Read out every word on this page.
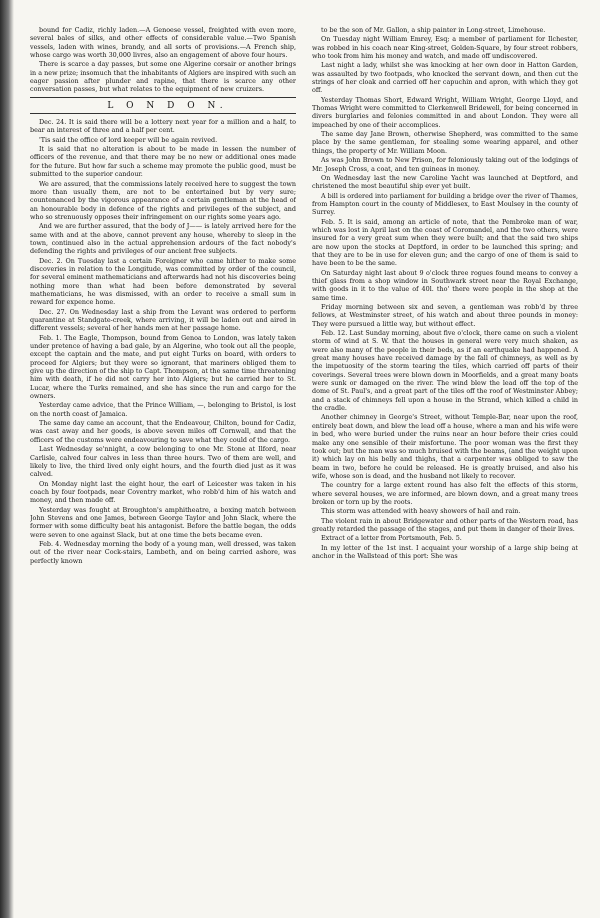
bound for Cadiz, richly laden.—A Genoese vessel, freighted with even more, several bales of silks, and other effects of considerable value.—Two Spanish vessels, laden with wines, brandy, and all sorts of provisions.—A French ship, whose cargo was worth 30,000 livres, also an engagement of above four hours.

There is scarce a day passes, but some one Algerine corsair or another brings in a new prize; insomuch that the inhabitants of Algiers are inspired with such an eager passion after plunder and rapine, that there is scarce any other conversation passes, but what relates to the equipment of new cruizers.

L O N D O N.

Dec. 24. It is said there will be a lottery next year for a million and a half, to bear an interest of three and a half per cent.

'Tis said the office of lord keeper will be again revived.

It is said that no alteration is about to be made in lessen the number of officers of the revenue, and that there may be no new or additional ones made for the future. But how far such a scheme may promote the public good, must be submitted to the superior candour.

We are assured, that the commissions lately received here to suggest the town more than usually them, are not to be entertained but by very sure; countenanced by the vigorous appearance of a certain gentleman at the head of an honourable body in defence of the rights and privileges of the subject, and who so strenuously opposes their infringement on our rights some years ago.

And we are further assured, that the body of J—— is lately arrived here for the same with and at the above, cannot prevent any house, whereby to sleep in the town, continued also in the actual apprehension ardours of the fact nobody's defending the rights and privileges of our ancient free subjects.

Dec. 2. On Tuesday last a certain Foreigner who came hither to make some discoveries in relation to the Longitude, was committed by order of the council, for several eminent mathematicians and afterwards had not his discoveries being nothing more than what had been before demonstrated by several mathematicians, he was dismissed, with an order to receive a small sum in reward for expence home.

Dec. 27. On Wednesday last a ship from the Levant was ordered to perform quarantine at Standgate-creek, where arriving, it will be laden out and aired in different vessels; several of her hands men at her passage home.

Feb. 1. The Eagle, Thompson, bound from Genoa to London, was lately taken under pretence of having a bad gale, by an Algerine, who took out all the people, except the captain and the mate, and put eight Turks on board, with orders to proceed for Algiers; but they were so ignorant, that mariners obliged them to give up the direction of the ship to Capt. Thompson, at the same time threatening him with death, if he did not carry her into Algiers; but he carried her to St. Lucar, where the Turks remained, and she has since the run and cargo for the owners.

Yesterday came advice, that the Prince William, —, belonging to Bristol, is lost on the north coast of Jamaica.

The same day came an account, that the Endeavour, Chilton, bound for Cadiz, was cast away and her goods, is above seven miles off Cornwall, and that the officers of the customs were endeavouring to save what they could of the cargo.

Last Wednesday se'nnight, a cow belonging to one Mr. Stone at Ilford, near Carlisle, calved four calves in less than three hours. Two of them are well, and likely to live, the third lived only eight hours, and the fourth died just as it was calved.

On Monday night last the eight hour, the earl of Leicester was taken in his coach by four footpads, near Coventry market, who robb'd him of his watch and money, and then made off.

Yesterday was fought at Broughton's amphitheatre, a boxing match between John Stevens and one James, between George Taylor and John Slack, where the former with some difficulty beat his antagonist. Before the battle began, the odds were seven to one against Slack, but at one time the bets became even.

Feb. 4. Wednesday morning the body of a young man, well dressed, was taken out of the river near Cock-stairs, Lambeth, and on being carried ashore, was perfectly known

to be the son of Mr. Gallon, a ship painter in Long-street, Limehouse.

On Tuesday night William Emrey, Esq; a member of parliament for Ilchester, was robbed in his coach near King-street, Golden-Square, by four street robbers, who took from him his money and watch, and made off undiscovered.

Last night a lady, whilst she was knocking at her own door in Hatton Garden, was assaulted by two footpads, who knocked the servant down, and then cut the strings of her cloak and carried off her capuchin and apron, with which they got off.

Yesterday Thomas Short, Edward Wright, William Wright, George Lloyd, and Thomas Wright were committed to Clerkenwell Bridewell, for being concerned in divers burglaries and felonies committed in and about London. They were all impeached by one of their accomplices.

The same day Jane Brown, otherwise Shepherd, was committed to the same place by the same gentleman, for stealing some wearing apparel, and other things, the property of Mr. William Moon.

As was John Brown to New Prison, for feloniously taking out of the lodgings of Mr. Joseph Cross, a coat, and ten guineas in money.

On Wednesday last the new Caroline Yacht was launched at Deptford, and christened the most beautiful ship ever yet built.

A bill is ordered into parliament for building a bridge over the river of Thames, from Hampton court in the county of Middlesex, to East Moulsey in the county of Surrey.

Feb. 5. It is said, among an article of note, that the Pembroke man of war, which was lost in April last on the coast of Coromandel, and the two others, were insured for a very great sum when they were built; and that the said two ships are now upon the stocks at Deptford, in order to be launched this spring; and that they are to be in use for eleven gun; and the cargo of one of them is said to have been to be the same.

On Saturday night last about 9 o'clock three rogues found means to convey a thief glass from a shop window in Southwark street near the Royal Exchange, with goods in it to the value of 40l. tho' there were people in the shop at the same time.

Friday morning between six and seven, a gentleman was robb'd by three fellows, at Westminster street, of his watch and about three pounds in money: They were pursued a little way, but without effect.

Feb. 12. Last Sunday morning, about five o'clock, there came on such a violent storm of wind at S. W. that the houses in general were very much shaken, as were also many of the people in their beds, as if an earthquake had happened. A great many houses have received damage by the fall of chimneys, as well as by the impetuosity of the storm tearing the tiles, which carried off parts of their coverings. Several trees were blown down in Moorfields, and a great many boats were sunk or damaged on the river. The wind blew the lead off the top of the dome of St. Paul's, and a great part of the tiles off the roof of Westminster Abbey; and a stack of chimneys fell upon a house in the Strand, which killed a child in the cradle.

Another chimney in George's Street, without Temple-Bar, near upon the roof, entirely beat down, and blew the lead off a house, where a man and his wife were in bed, who were buried under the ruins near an hour before their cries could make any one sensible of their misfortune. The poor woman was the first they took out; but the man was so much bruised with the beams, (and the weight upon it) which lay on his belly and thighs, that a carpenter was obliged to saw the beam in two, before he could be released. He is greatly bruised, and also his wife, whose son is dead, and the husband not likely to recover.

The country for a large extent round has also felt the effects of this storm, where several houses, we are informed, are blown down, and a great many trees broken or torn up by the roots.

This storm was attended with heavy showers of hail and rain.

The violent rain in about Bridgewater and other parts of the Western road, has greatly retarded the passage of the stages, and put them in danger of their lives.

Extract of a letter from Portsmouth, Feb. 5.

In my letter of the 1st inst. I acquaint your worship of a large ship being at anchor in the Wallstead of this port: She was
